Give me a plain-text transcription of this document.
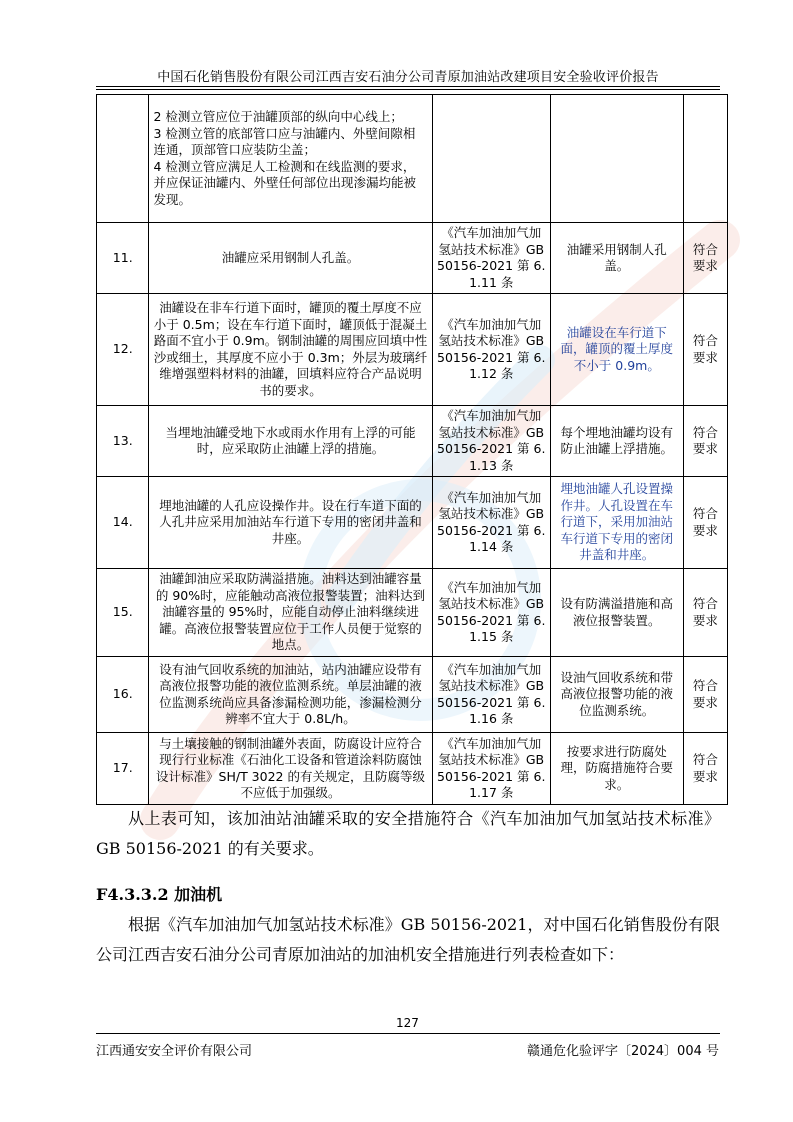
中国石化销售股份有限公司江西吉安石油分公司青原加油站改建项目安全验收评价报告

	2 检测立管应位于油罐顶部的纵向中心线上；
3 检测立管的底部管口应与油罐内、外壁间隙相连通，顶部管口应装防尘盖；
4 检测立管应满足人工检测和在线监测的要求，并应保证油罐内、外壁任何部位出现渗漏均能被发现。			

11.	油罐应采用钢制人孔盖。	《汽车加油加气加氢站技术标准》GB 50156-2021 第 6.1.11 条	油罐采用钢制人孔盖。	符合要求
12.	油罐设在非车行道下面时，罐顶的覆土厚度不应小于 0.5m；设在车行道下面时，罐顶低于混凝土路面不宜小于 0.9m。钢制油罐的周围应回填中性沙或细土，其厚度不应小于 0.3m；外层为玻璃纤维增强塑料材料的油罐，回填料应符合产品说明书的要求。	《汽车加油加气加氢站技术标准》GB 50156-2021 第 6.1.12 条	油罐设在车行道下面，罐顶的覆土厚度不小于 0.9m。	符合要求
13.	当埋地油罐受地下水或雨水作用有上浮的可能时，应采取防止油罐上浮的措施。	《汽车加油加气加氢站技术标准》GB 50156-2021 第 6.1.13 条	每个埋地油罐均设有防止油罐上浮措施。	符合要求
14.	埋地油罐的人孔应设操作井。设在行车道下面的人孔井应采用加油站车行道下专用的密闭井盖和井座。	《汽车加油加气加氢站技术标准》GB 50156-2021 第 6.1.14 条	埋地油罐人孔设置操作井。人孔设置在车行道下，采用加油站车行道下专用的密闭井盖和井座。	符合要求
15.	油罐卸油应采取防满溢措施。油料达到油罐容量的 90%时，应能触动高液位报警装置；油料达到油罐容量的 95%时，应能自动停止油料继续进罐。高液位报警装置应位于工作人员便于觉察的地点。	《汽车加油加气加氢站技术标准》GB 50156-2021 第 6.1.15 条	设有防满溢措施和高液位报警装置。	符合要求
16.	设有油气回收系统的加油站，站内油罐应设带有高液位报警功能的液位监测系统。单层油罐的液位监测系统尚应具备渗漏检测功能，渗漏检测分辨率不宜大于 0.8L/h。	《汽车加油加气加氢站技术标准》GB 50156-2021 第 6.1.16 条	设油气回收系统和带高液位报警功能的液位监测系统。	符合要求
17.	与土壤接触的钢制油罐外表面，防腐设计应符合现行行业标准《石油化工设备和管道涂料防腐蚀设计标准》SH/T 3022 的有关规定，且防腐等级不应低于加强级。	《汽车加油加气加氢站技术标准》GB 50156-2021 第 6.1.17 条	按要求进行防腐处理，防腐措施符合要求。	符合要求
从上表可知，该加油站油罐采取的安全措施符合《汽车加油加气加氢站技术标准》GB 50156-2021 的有关要求。
F4.3.3.2 加油机
根据《汽车加油加气加氢站技术标准》GB 50156-2021，对中国石化销售股份有限公司江西吉安石油分公司青原加油站的加油机安全措施进行列表检查如下：
127
江西通安安全评价有限公司	赣通危化验评字〔2024〕004 号
